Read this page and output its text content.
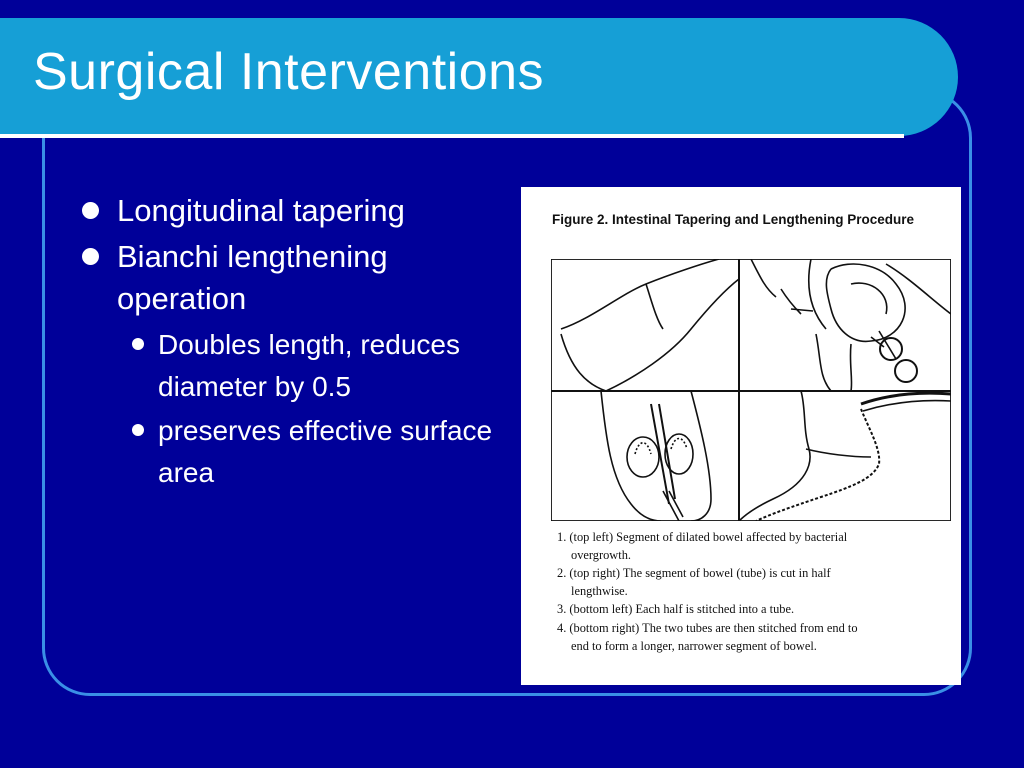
Surgical Interventions
Longitudinal tapering
Bianchi lengthening operation
Doubles length, reduces diameter by 0.5
preserves effective surface area

Figure 2. Intestinal Tapering and Lengthening Procedure

1. (top left) Segment of dilated bowel affected by bacterial
overgrowth.
2. (top right) The segment of bowel (tube) is cut in half
lengthwise.
3. (bottom left) Each half is stitched into a tube.
4. (bottom right) The two tubes are then stitched from end to
end to form a longer, narrower segment of bowel.
